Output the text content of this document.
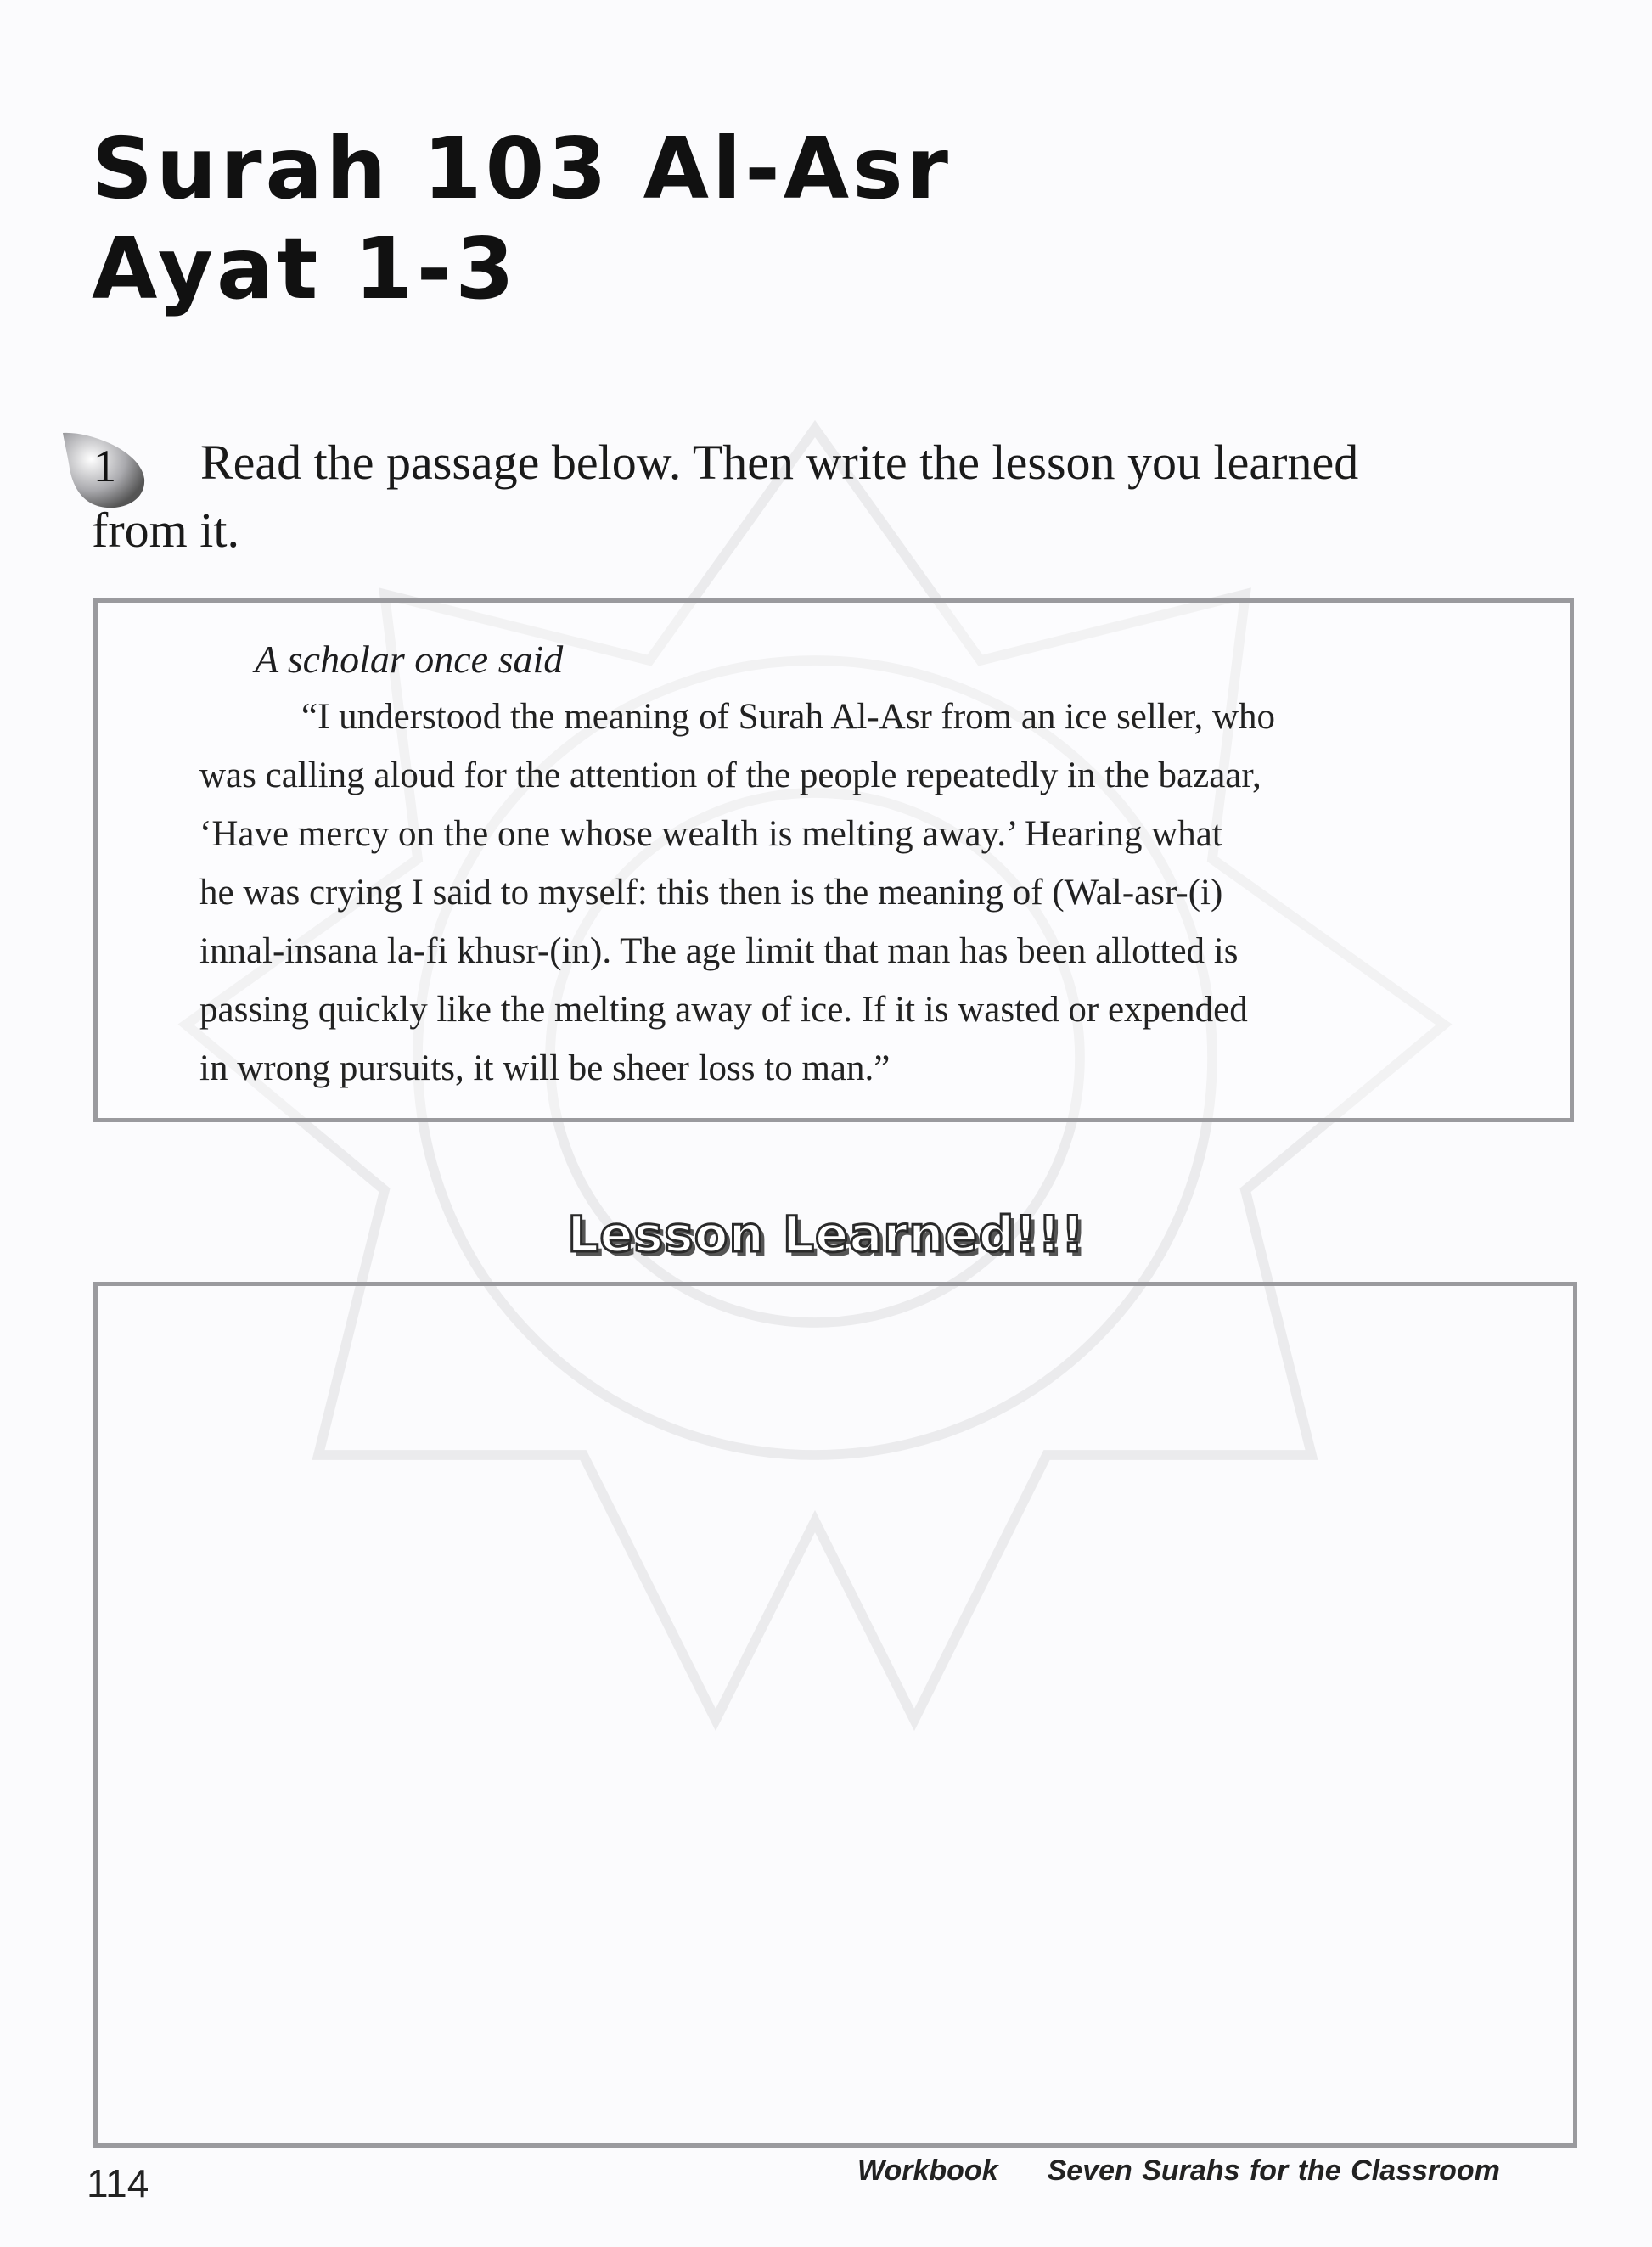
Surah 103 Al-Asr
Ayat 1-3
1	Read the passage below. Then write the lesson you learned
from it.
A scholar once said
“I understood the meaning of Surah Al-Asr from an ice seller, who
was calling aloud for the attention of the people repeatedly in the bazaar,
‘Have mercy on the one whose wealth is melting away.’ Hearing what
he was crying I said to myself: this then is the meaning of (Wal-asr-(i)
innal-insana la-fi khusr-(in). The age limit that man has been allotted is
passing quickly like the melting away of ice. If it is wasted or expended
in wrong pursuits, it will be sheer loss to man.”
Lesson Learned!!!
114	Workbook Seven Surahs for the Classroom
